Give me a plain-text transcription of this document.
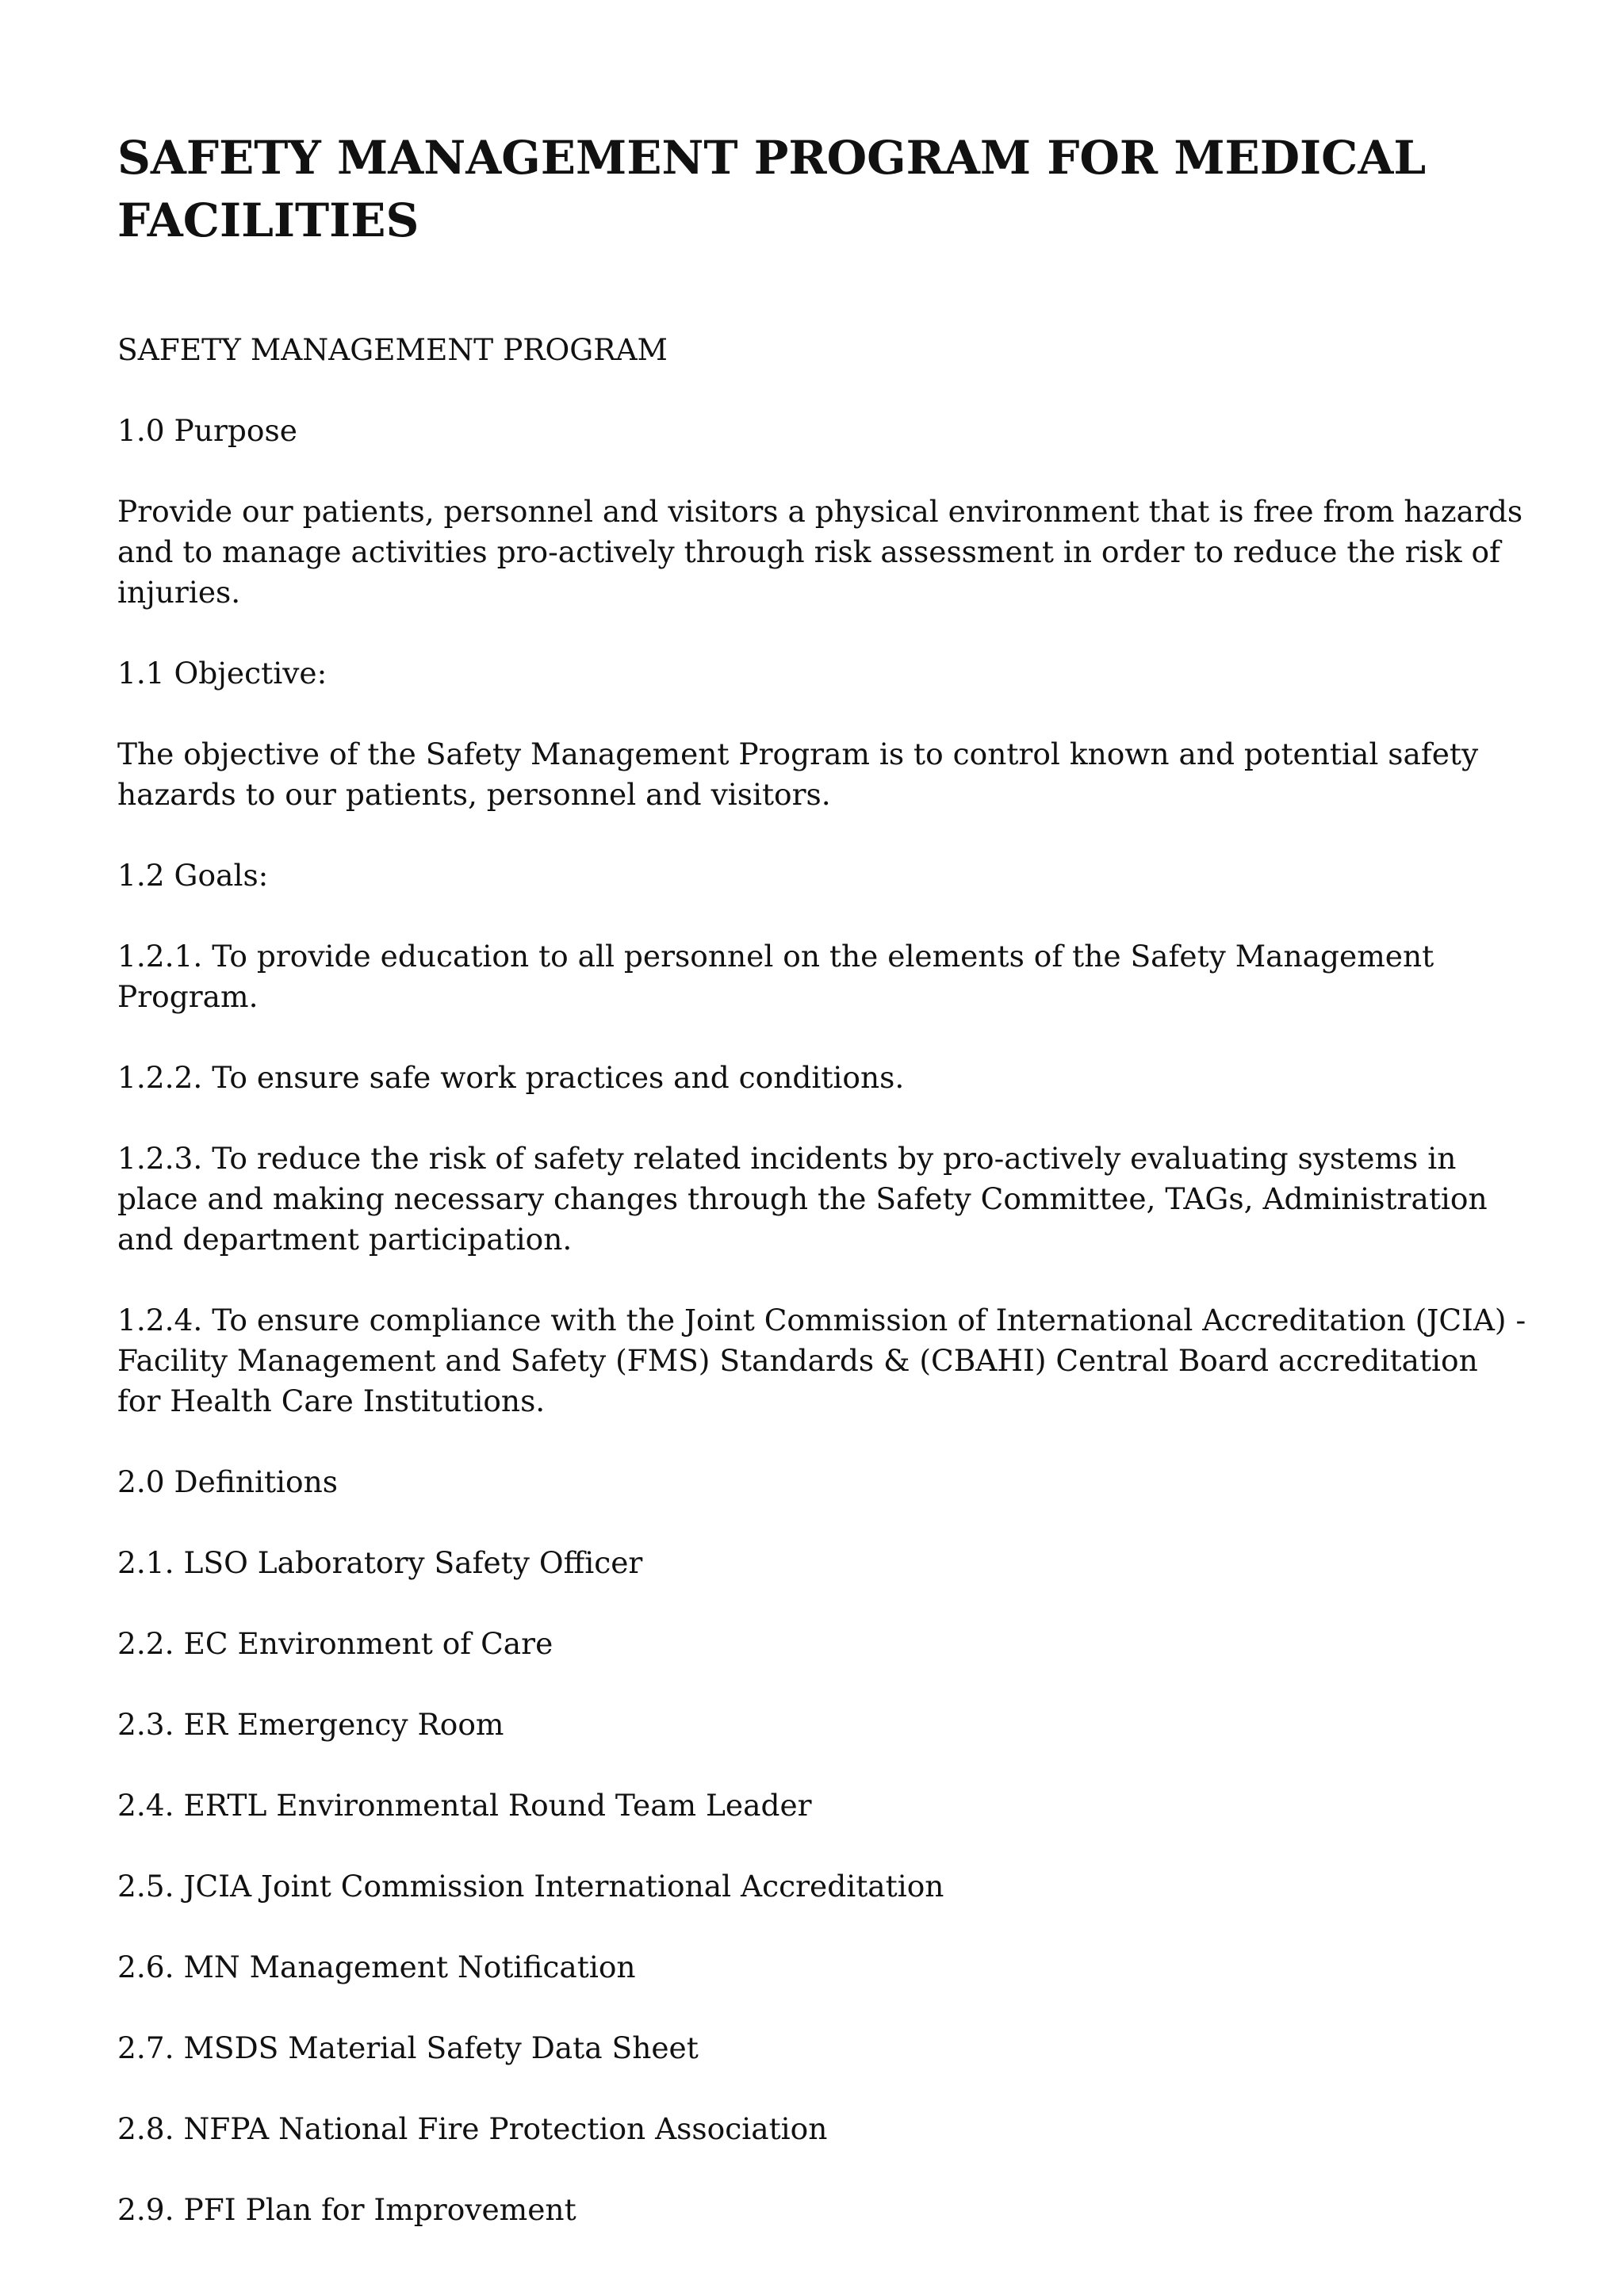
SAFETY MANAGEMENT PROGRAM FOR MEDICAL FACILITIES

SAFETY MANAGEMENT PROGRAM

1.0 Purpose

Provide our patients, personnel and visitors a physical environment that is free from hazards and to manage activities pro-actively through risk assessment in order to reduce the risk of injuries.

1.1 Objective:

The objective of the Safety Management Program is to control known and potential safety hazards to our patients, personnel and visitors.

1.2 Goals:

1.2.1. To provide education to all personnel on the elements of the Safety Management Program.

1.2.2. To ensure safe work practices and conditions.

1.2.3. To reduce the risk of safety related incidents by pro-actively evaluating systems in place and making necessary changes through the Safety Committee, TAGs, Administration and department participation.

1.2.4. To ensure compliance with the Joint Commission of International Accreditation (JCIA) - Facility Management and Safety (FMS) Standards & (CBAHI) Central Board accreditation for Health Care Institutions.

2.0 Definitions

2.1. LSO Laboratory Safety Officer

2.2. EC Environment of Care

2.3. ER Emergency Room

2.4. ERTL Environmental Round Team Leader

2.5. JCIA Joint Commission International Accreditation

2.6. MN Management Notification

2.7. MSDS Material Safety Data Sheet

2.8. NFPA National Fire Protection Association

2.9. PFI Plan for Improvement
